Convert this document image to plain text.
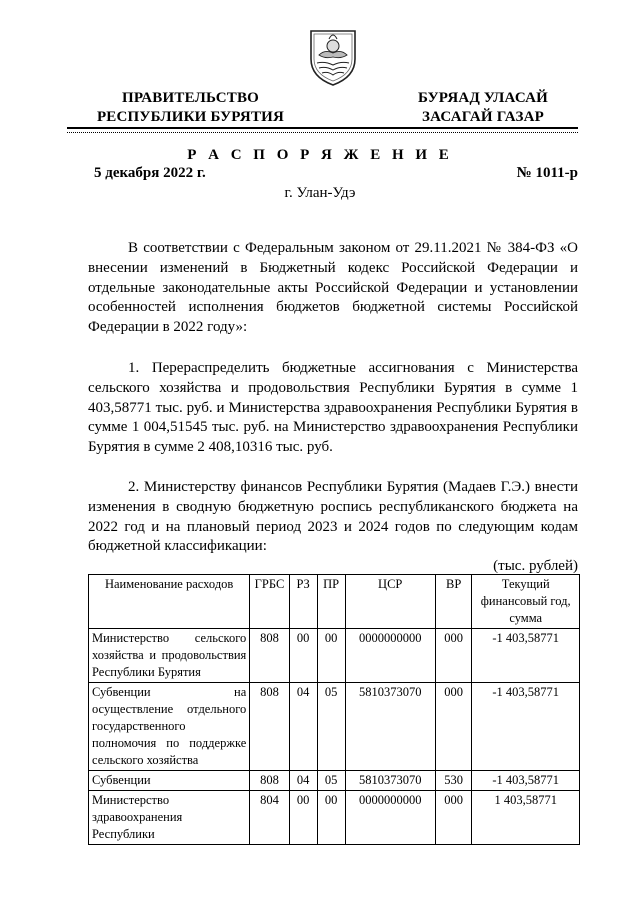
ПРАВИТЕЛЬСТВО
РЕСПУБЛИКИ БУРЯТИЯ
БУРЯАД УЛАСАЙ
ЗАСАГАЙ ГАЗАР
Р А С П О Р Я Ж Е Н И Е
5 декабря 2022 г.	№ 1011-р
г. Улан-Удэ

В соответствии с Федеральным законом от 29.11.2021 № 384-ФЗ «О внесении изменений в Бюджетный кодекс Российской Федерации и отдельные законодательные акты Российской Федерации и установлении особенностей исполнения бюджетов бюджетной системы Российской Федерации в 2022 году»:

1. Перераспределить бюджетные ассигнования с Министерства сельского хозяйства и продовольствия Республики Бурятия в сумме 1 403,58771 тыс. руб. и Министерства здравоохранения Республики Бурятия в сумме 1 004,51545 тыс. руб. на Министерство здравоохранения Республики Бурятия в сумме 2 408,10316 тыс. руб.

2. Министерству финансов Республики Бурятия (Мадаев Г.Э.) внести изменения в сводную бюджетную роспись республиканского бюджета на 2022 год и на плановый период 2023 и 2024 годов по следующим кодам бюджетной классификации:

(тыс. рублей)
Наименование расходов	ГРБС	РЗ	ПР	ЦСР	ВР	Текущий финансовый год, сумма
Министерство сельского хозяйства и продовольствия Республики Бурятия	808	00	00	0000000000	000	-1 403,58771
Субвенции на осуществление отдельного государственного полномочия по поддержке сельского хозяйства	808	04	05	5810373070	000	-1 403,58771
Субвенции	808	04	05	5810373070	530	-1 403,58771
Министерство здравоохранения Республики	804	00	00	0000000000	000	1 403,58771
